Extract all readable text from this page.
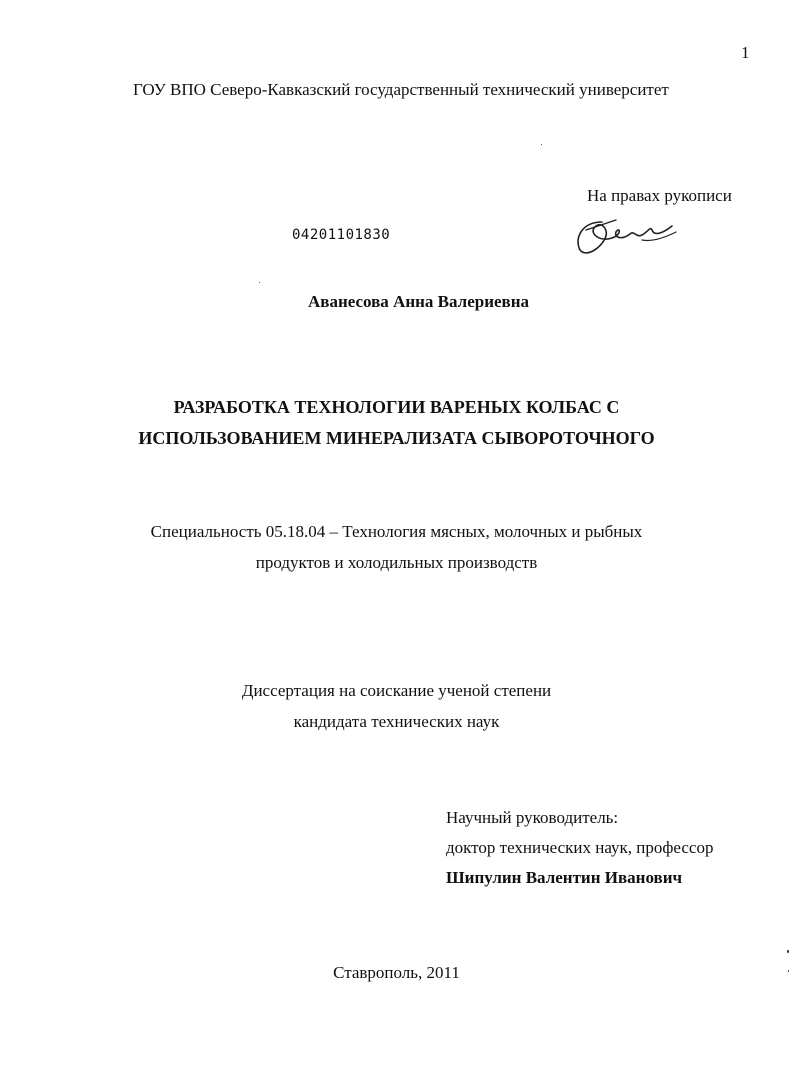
1
ГОУ ВПО Северо-Кавказский государственный технический университет
На правах рукописи
04201101830
Аванесова Анна Валериевна
РАЗРАБОТКА ТЕХНОЛОГИИ ВАРЕНЫХ КОЛБАС С
ИСПОЛЬЗОВАНИЕМ МИНЕРАЛИЗАТА СЫВОРОТОЧНОГО
Специальность 05.18.04 – Технология мясных, молочных и рыбных
продуктов и холодильных производств
Диссертация на соискание ученой степени
кандидата технических наук
Научный руководитель:
доктор технических наук, профессор
Шипулин Валентин Иванович
Ставрополь, 2011
